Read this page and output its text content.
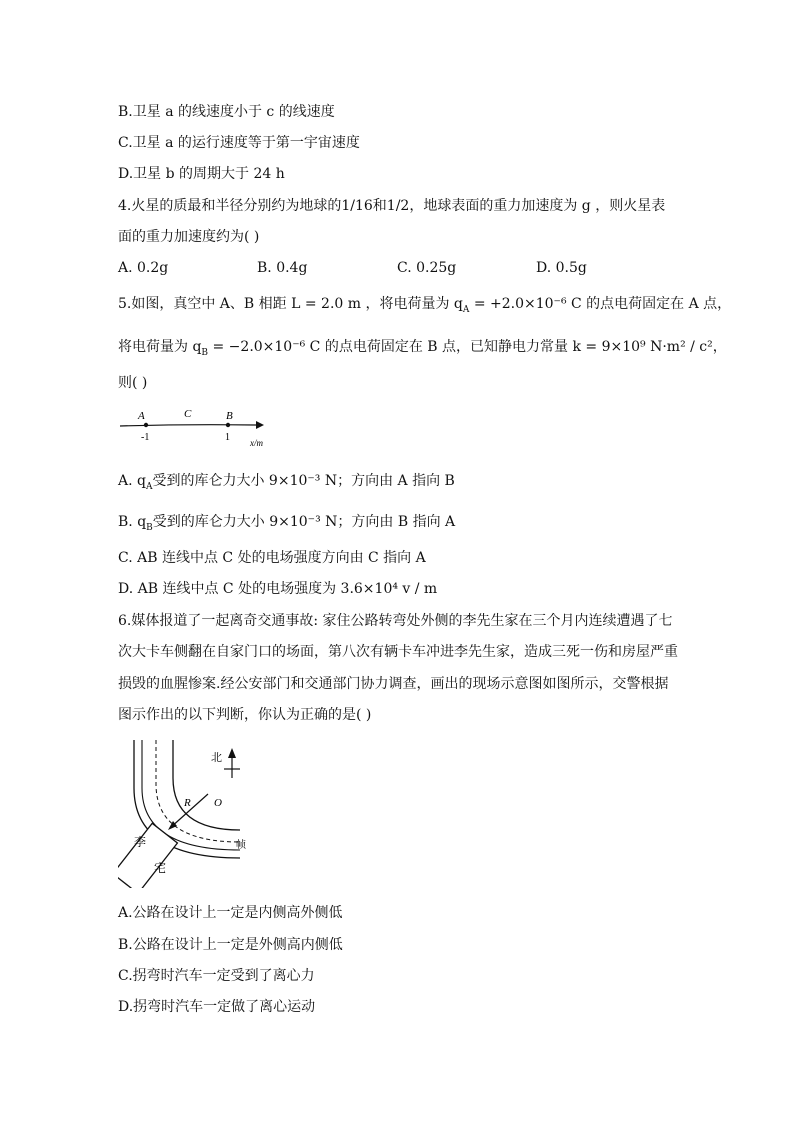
B.卫星 a 的线速度小于 c 的线速度
C.卫星 a 的运行速度等于第一宇宙速度
D.卫星 b 的周期大于 24 h
4.火星的质最和半径分别约为地球的1/16和1/2，地球表面的重力加速度为 g ，则火星表
面的重力加速度约为( )
A. 0.2g	B. 0.4g	C. 0.25g	D. 0.5g
5.如图，真空中 A、B 相距 L = 2.0 m ，将电荷量为 $q_A = +2.0\times 10^{-6}$ C 的点电荷固定在 A 点，
将电荷量为 $q_B = -2.0\times 10^{-6}$ C 的点电荷固定在 B 点，已知静电力常量 k = 9×10⁹ N·m² / c²，
则( )
A	C	B
-1	1 x/m
A. $q_A$受到的库仑力大小 9×10⁻³ N；方向由 A 指向 B
B. $q_B$受到的库仑力大小 9×10⁻³ N；方向由 B 指向 A
C. AB 连线中点 C 处的电场强度方向由 C 指向 A
D. AB 连线中点 C 处的电场强度为 3.6×10⁴ v / m
6.媒体报道了一起离奇交通事故: 家住公路转弯处外侧的李先生家在三个月内连续遭遇了七
次大卡车侧翻在自家门口的场面，第八次有辆卡车冲进李先生家，造成三死一伤和房屋严重
损毁的血腥惨案.经公安部门和交通部门协力调查，画出的现场示意图如图所示，交警根据
图示作出的以下判断，你认为正确的是( )
北
O
R
帧
李
宅
A.公路在设计上一定是内侧高外侧低
B.公路在设计上一定是外侧高内侧低
C.拐弯时汽车一定受到了离心力
D.拐弯时汽车一定做了离心运动
